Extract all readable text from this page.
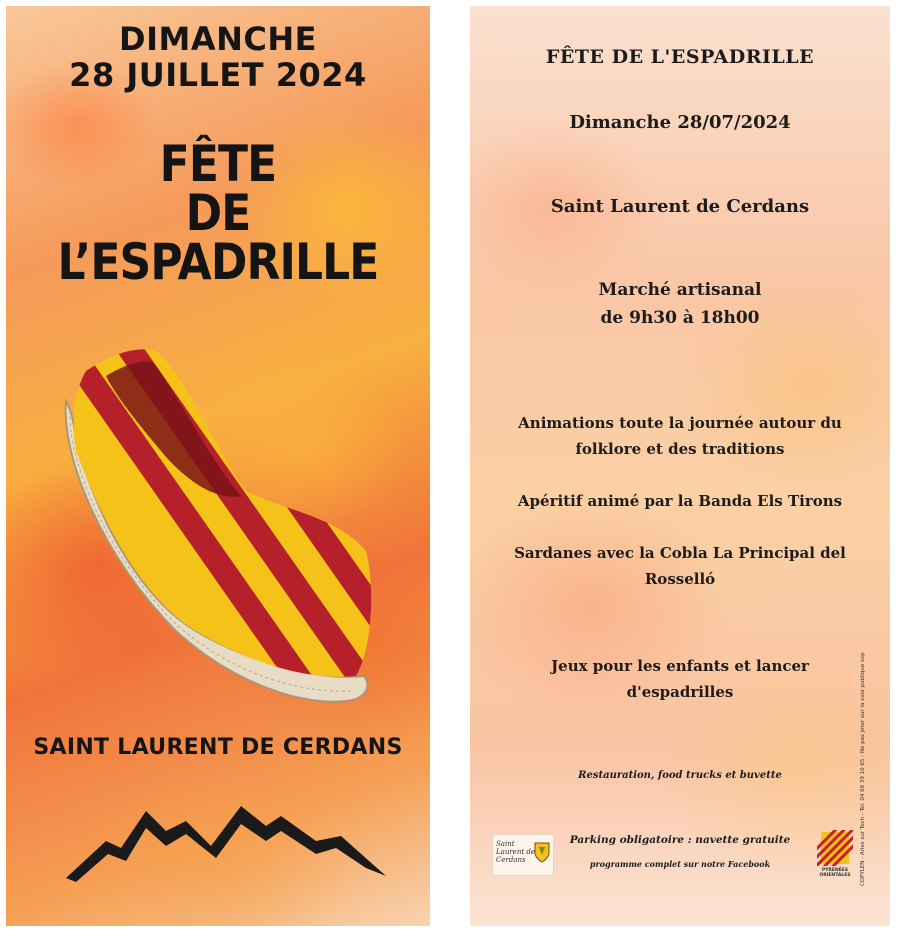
DIMANCHE
28 JUILLET 2024
FÊTE
DE
L’ESPADRILLE
SAINT LAURENT DE CERDANS
FÊTE DE L'ESPADRILLE
Dimanche 28/07/2024
Saint Laurent de Cerdans
Marché artisanal
de 9h30 à 18h00
Animations toute la journée autour du
folklore et des traditions
Apéritif animé par la Banda Els Tirons
Sardanes avec la Cobla La Principal del
Rosselló
Jeux pour les enfants et lancer
d'espadrilles
Restauration, food trucks et buvette
Parking obligatoire : navette gratuite
programme complet sur notre Facebook
Saint Laurent de Cerdans
PYRÉNÉES ORIENTALES	COPYLEN - Arles sur Tech - Tél. 04 68 39 10 65 - Ne pas jeter sur la voie publique svp
